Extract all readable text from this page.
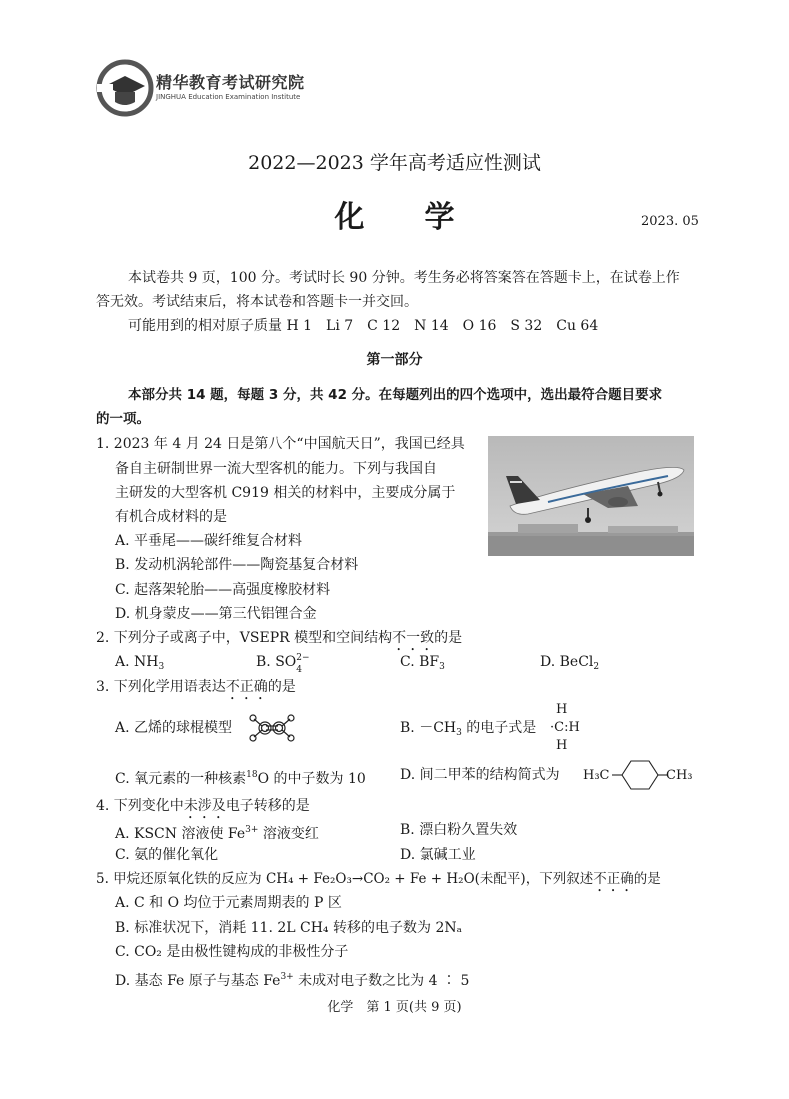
精华教育考试研究院
JINGHUA Education Examination Institute
2022—2023 学年高考适应性测试
化　　学	2023. 05
本试卷共 9 页，100 分。考试时长 90 分钟。考生务必将答案答在答题卡上，在试卷上作
答无效。考试结束后，将本试卷和答题卡一并交回。
可能用到的相对原子质量 H 1　Li 7　C 12　N 14　O 16　S 32　Cu 64
第一部分
本部分共 14 题，每题 3 分，共 42 分。在每题列出的四个选项中，选出最符合题目要求
的一项。
1. 2023 年 4 月 24 日是第八个“中国航天日”，我国已经具
备自主研制世界一流大型客机的能力。下列与我国自
主研发的大型客机 C919 相关的材料中，主要成分属于
有机合成材料的是
A. 平垂尾——碳纤维复合材料
B. 发动机涡轮部件——陶瓷基复合材料
C. 起落架轮胎——高强度橡胶材料
D. 机身蒙皮——第三代铝锂合金
2. 下列分子或离子中，VSEPR 模型和空间结构不一致的是
A. $NH_3$	B. SO 2−
4	C. $BF_3$	D. BeCl$_2$
3. 下列化学用语表达不正确的是
A. 乙烯的球棍模型	B. $-CH_3$ 的电子式是
H
·C:H
H
C. 氧元素的一种核素$^{18}$O 的中子数为 10 D. 间二甲苯的结构简式为 H₃C	CH₃
4. 下列变化中未涉及电子转移的是
A. KSCN 溶液使 $Fe^{3+}$ 溶液变红	B. 漂白粉久置失效
C. 氨的催化氧化	D. 氯碱工业
5. 甲烷还原氧化铁的反应为 CH₄ + Fe₂O₃→CO₂ + Fe + H₂O(未配平)，下列叙述不正确的是
A. C 和 O 均位于元素周期表的 P 区
B. 标准状况下，消耗 11. 2L CH₄ 转移的电子数为 2Nₐ
C. CO₂ 是由极性键构成的非极性分子
D. 基态 Fe 原子与基态 $Fe^{3+}$ 未成对电子数之比为 4 ∶ 5
化学　第 1 页(共 9 页)
